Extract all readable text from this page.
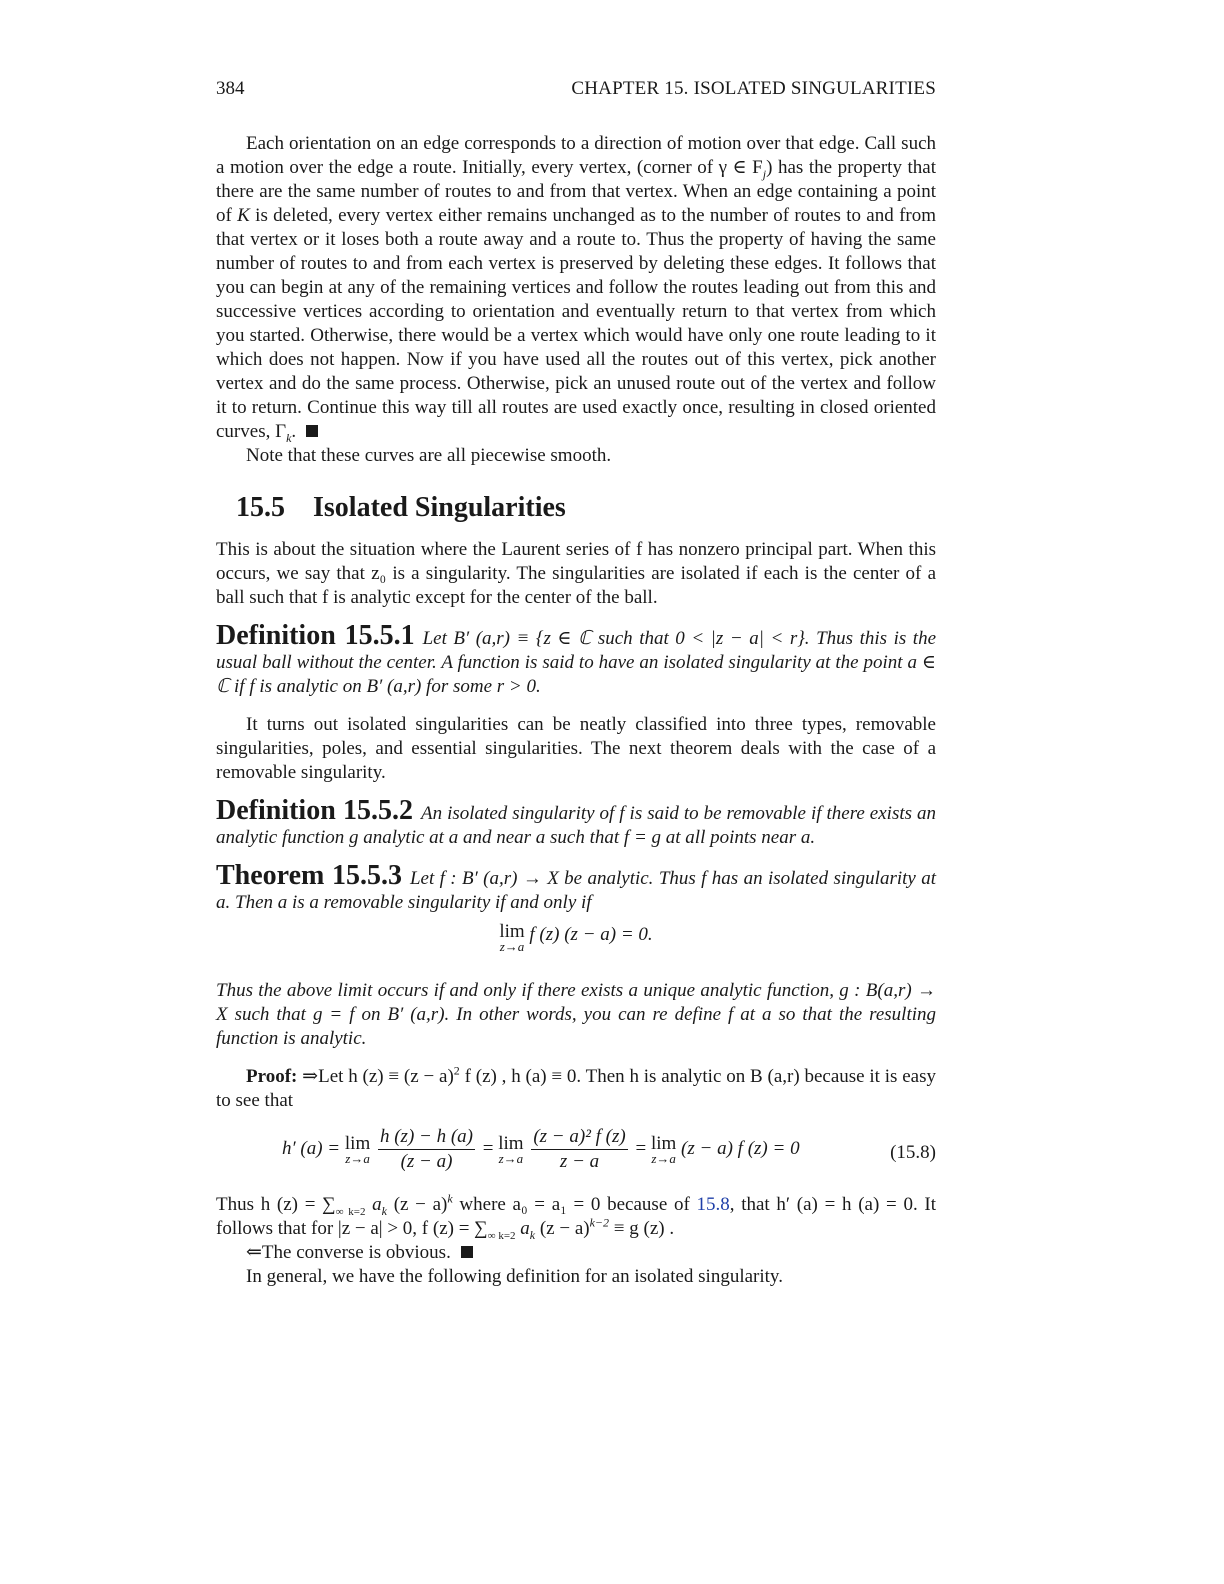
384	CHAPTER 15. ISOLATED SINGULARITIES

Each orientation on an edge corresponds to a direction of motion over that edge. Call such a motion over the edge a route. Initially, every vertex, (corner of γ ∈ $F_j$) has the property that there are the same number of routes to and from that vertex. When an edge containing a point of K is deleted, every vertex either remains unchanged as to the number of routes to and from that vertex or it loses both a route away and a route to. Thus the property of having the same number of routes to and from each vertex is preserved by deleting these edges. It follows that you can begin at any of the remaining vertices and follow the routes leading out from this and successive vertices according to orientation and eventually return to that vertex from which you started. Otherwise, there would be a vertex which would have only one route leading to it which does not happen. Now if you have used all the routes out of this vertex, pick another vertex and do the same process. Otherwise, pick an unused route out of the vertex and follow it to return. Continue this way till all routes are used exactly once, resulting in closed oriented curves, $\Gamma_k$.

Note that these curves are all piecewise smooth.

15.5 Isolated Singularities

This is about the situation where the Laurent series of f has nonzero principal part. When this occurs, we say that z₀ is a singularity. The singularities are isolated if each is the center of a ball such that f is analytic except for the center of the ball.

Definition 15.5.1 Let B′ (a,r) ≡ {z ∈ ℂ such that 0 < |z − a| < r}. Thus this is the usual ball without the center. A function is said to have an isolated singularity at the point a ∈ ℂ if f is analytic on B′ (a,r) for some r > 0.

It turns out isolated singularities can be neatly classified into three types, removable singularities, poles, and essential singularities. The next theorem deals with the case of a removable singularity.

Definition 15.5.2 An isolated singularity of f is said to be removable if there exists an analytic function g analytic at a and near a such that f = g at all points near a.

Theorem 15.5.3 Let f : B′ (a,r) → X be analytic. Thus f has an isolated singularity at a. Then a is a removable singularity if and only if

lim
z→a
f (z) (z − a) = 0.

Thus the above limit occurs if and only if there exists a unique analytic function, g : B(a,r) → X such that g = f on B′ (a,r). In other words, you can re define f at a so that the resulting function is analytic.

Proof: ⇒Let h $(z) \equiv (z - a)^2$ f (z) , h (a) ≡ 0. Then h is analytic on B (a,r) because it is easy to see that

h′ (a) = lim
z→a
$\frac{h (z) - h (a)}{(z - a)} = \lim$
z→a
$\frac{\text{(z − a)² f (z)}}{z - a} = \lim$
z→a (z − a) f (z) = 0	(15.8)

Thus h $(z) = \sum_{\infty k=2}$ $a_k$ $(z - a)^k$ where a₀ = a₁ = 0 because of 15.8, that h′ (a) = h (a) = 0. It follows that for |z − a| > 0, f $(z) = \sum_{\infty k=2}$ $a_k$ $(z - a)^{k-2} \equiv g$ (z) .

⇐The converse is obvious.

In general, we have the following definition for an isolated singularity.
